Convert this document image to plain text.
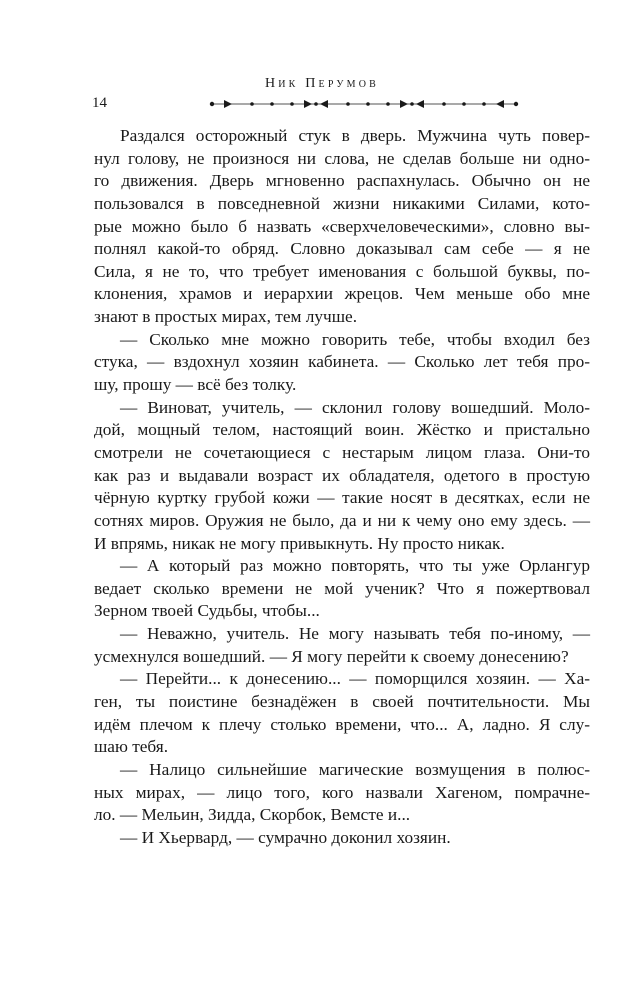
Ник Перумов
14
Раздался осторожный стук в дверь. Мужчина чуть повер-
нул голову, не произнося ни слова, не сделав больше ни одно-
го движения. Дверь мгновенно распахнулась. Обычно он не
пользовался в повседневной жизни никакими Силами, кото-
рые можно было б назвать «сверхчеловеческими», словно вы-
полнял какой-то обряд. Словно доказывал сам себе — я не
Сила, я не то, что требует именования с большой буквы, по-
клонения, храмов и иерархии жрецов. Чем меньше обо мне
знают в простых мирах, тем лучше.
— Сколько мне можно говорить тебе, чтобы входил без
стука, — вздохнул хозяин кабинета. — Сколько лет тебя про-
шу, прошу — всё без толку.
— Виноват, учитель, — склонил голову вошедший. Моло-
дой, мощный телом, настоящий воин. Жёстко и пристально
смотрели не сочетающиеся с нестарым лицом глаза. Они-то
как раз и выдавали возраст их обладателя, одетого в простую
чёрную куртку грубой кожи — такие носят в десятках, если не
сотнях миров. Оружия не было, да и ни к чему оно ему здесь. —
И впрямь, никак не могу привыкнуть. Ну просто никак.
— А который раз можно повторять, что ты уже Орлангур
ведает сколько времени не мой ученик? Что я пожертвовал
Зерном твоей Судьбы, чтобы...
— Неважно, учитель. Не могу называть тебя по-иному, —
усмехнулся вошедший. — Я могу перейти к своему донесению?
— Перейти... к донесению... — поморщился хозяин. — Ха-
ген, ты поистине безнадёжен в своей почтительности. Мы
идём плечом к плечу столько времени, что... А, ладно. Я слу-
шаю тебя.
— Налицо сильнейшие магические возмущения в полюс-
ных мирах, — лицо того, кого назвали Хагеном, помрачне-
ло. — Мельин, Зидда, Скорбок, Вемсте и...
— И Хьервард, — сумрачно доконил хозяин.
